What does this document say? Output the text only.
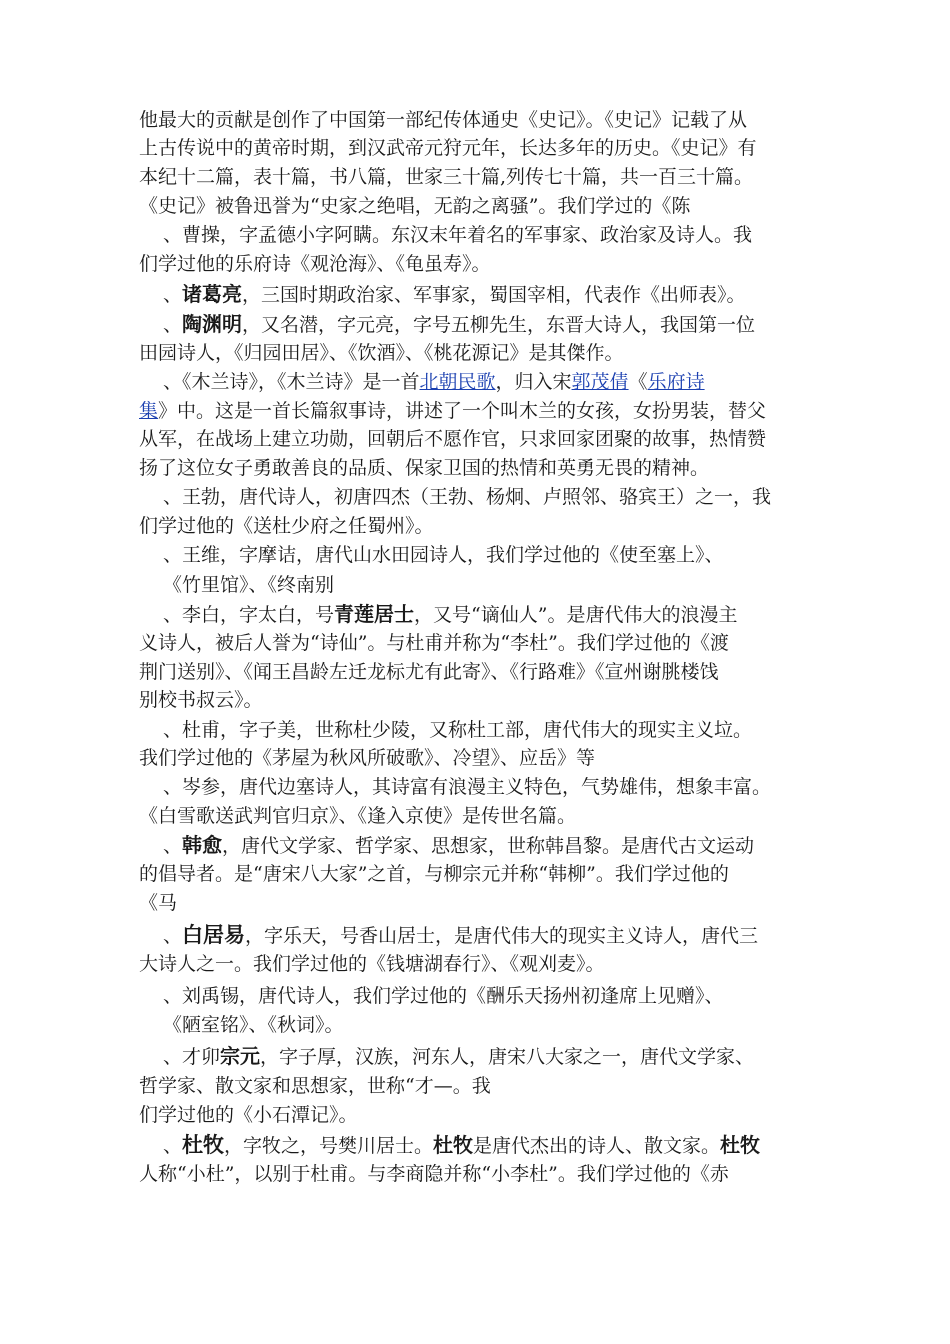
他最大的贡献是创作了中国第一部纪传体通史《史记》。《史记》记载了从
上古传说中的黄帝时期，到汉武帝元狩元年，长达多年的历史。《史记》有
本纪十二篇，表十篇，书八篇，世家三十篇,列传七十篇，共一百三十篇。
《史记》被鲁迅誉为“史家之绝唱，无韵之离骚”。我们学过的《陈
、曹操，字孟德小字阿瞒。东汉末年着名的军事家、政治家及诗人。我
们学过他的乐府诗《观沧海》、《龟虽寿》。
、诸葛亮，三国时期政治家、军事家，蜀国宰相，代表作《出师表》。
、陶渊明，又名潜，字元亮，字号五柳先生，东晋大诗人，我国第一位
田园诗人，《归园田居》、《饮酒》、《桃花源记》是其傑作。
、《木兰诗》，《木兰诗》是一首北朝民歌，归入宋郭茂倩《乐府诗
集》中。这是一首长篇叙事诗，讲述了一个叫木兰的女孩，女扮男装，替父
从军，在战场上建立功勋，回朝后不愿作官，只求回家团聚的故事，热情赞
扬了这位女子勇敢善良的品质、保家卫国的热情和英勇无畏的精神。
、王勃，唐代诗人，初唐四杰（王勃、杨炯、卢照邻、骆宾王）之一，我
们学过他的《送杜少府之任蜀州》。
、王维，字摩诘，唐代山水田园诗人，我们学过他的《使至塞上》、
《竹里馆》、《终南别
、李白，字太白，号青莲居士，又号“谪仙人”。是唐代伟大的浪漫主
义诗人，被后人誉为“诗仙”。与杜甫并称为“李杜”。我们学过他的《渡
荆门送别》、《闻王昌龄左迁龙标尤有此寄》、《行路难》《宣州谢朓楼饯
别校书叔云》。
、杜甫，字子美，世称杜少陵，又称杜工部，唐代伟大的现实主义垃。
我们学过他的《茅屋为秋风所破歌》、冷望》、应岳》等
、岑参，唐代边塞诗人，其诗富有浪漫主义特色，气势雄伟，想象丰富。
《白雪歌送武判官归京》、《逢入京使》是传世名篇。
、韩愈，唐代文学家、哲学家、思想家，世称韩昌黎。是唐代古文运动
的倡导者。是“唐宋八大家”之首，与柳宗元并称“韩柳”。我们学过他的
《马
、白居易，字乐天，号香山居士，是唐代伟大的现实主义诗人，唐代三
大诗人之一。我们学过他的《钱塘湖春行》、《观刈麦》。
、刘禹锡，唐代诗人，我们学过他的《酬乐天扬州初逢席上见赠》、
《陋室铭》、《秋词》。
、才卯宗元，字子厚，汉族，河东人，唐宋八大家之一，唐代文学家、
哲学家、散文家和思想家，世称“才—。我
们学过他的《小石潭记》。
、杜牧，字牧之，号樊川居士。杜牧是唐代杰出的诗人、散文家。杜牧
人称“小杜”，以别于杜甫。与李商隐并称“小李杜”。我们学过他的《赤
